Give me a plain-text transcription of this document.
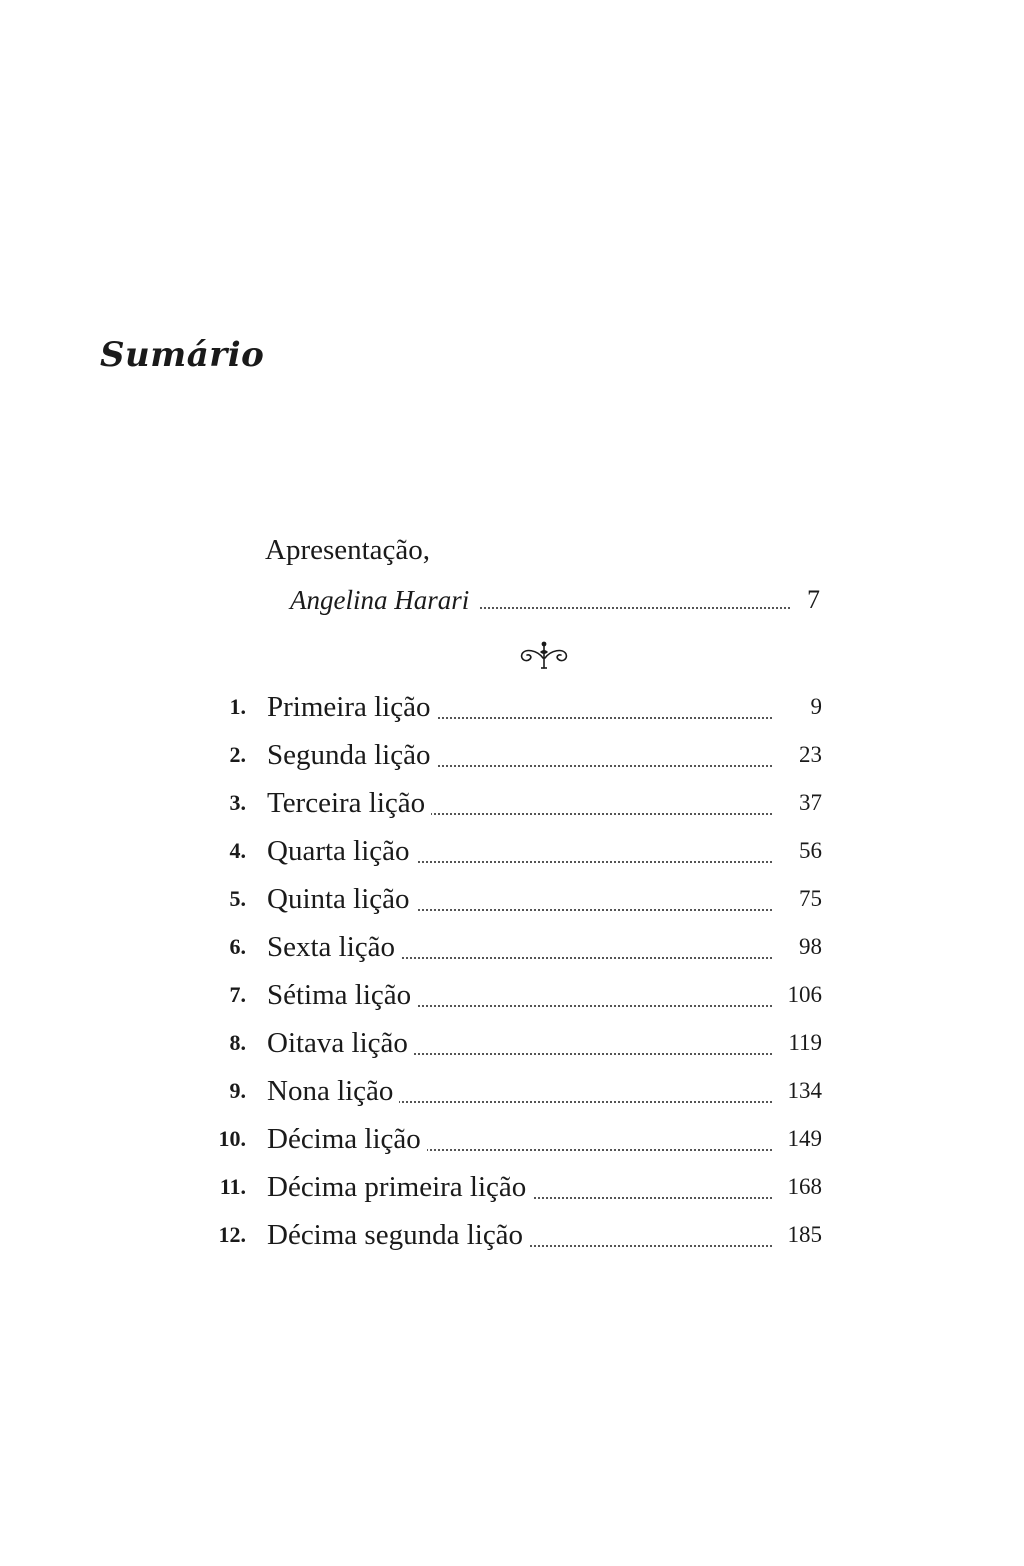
Sumário
Apresentação,
Angelina Harari	7
1. Primeira lição	9
2. Segunda lição	23
3. Terceira lição	37
4. Quarta lição	56
5. Quinta lição	75
6. Sexta lição	98
7. Sétima lição	106
8. Oitava lição	119
9. Nona lição	134
10. Décima lição	149
11. Décima primeira lição	168
12. Décima segunda lição	185
